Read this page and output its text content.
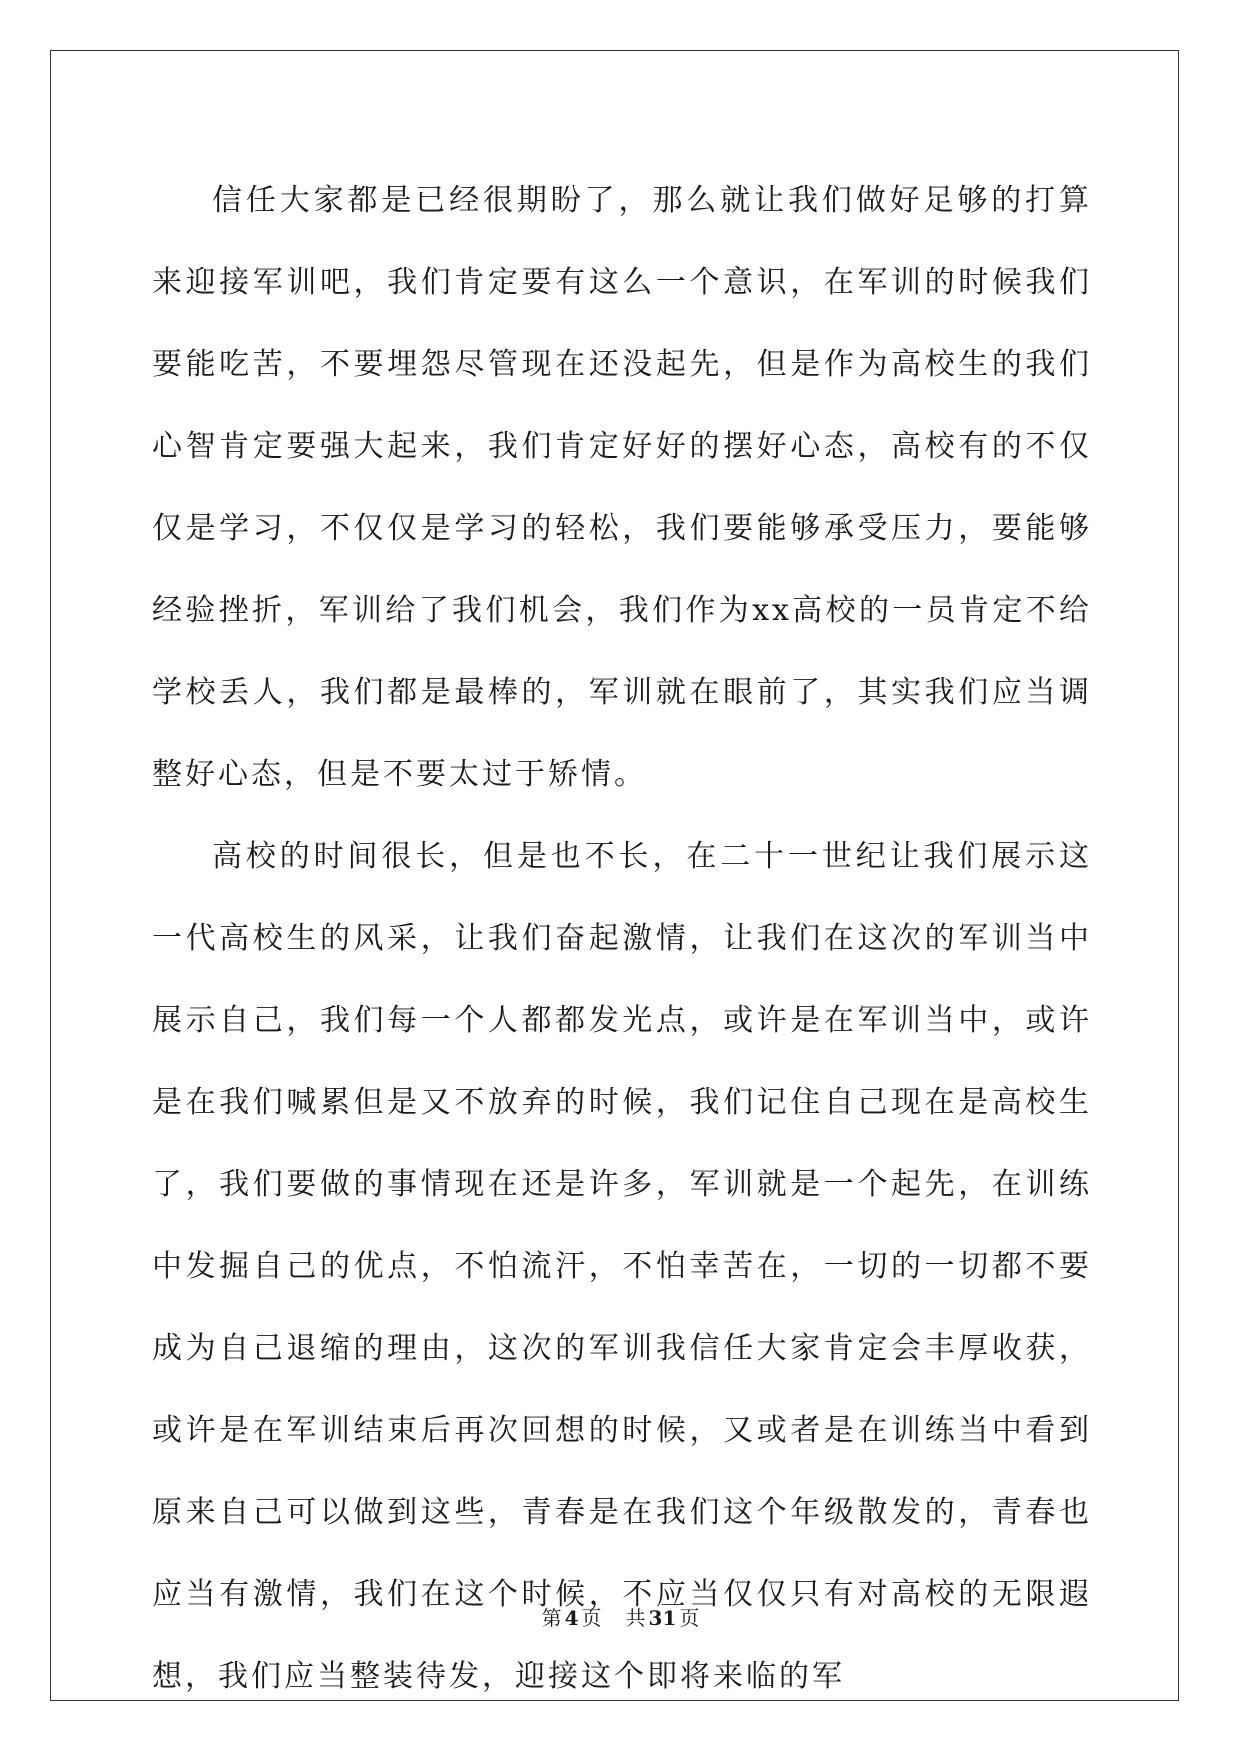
信任大家都是已经很期盼了，那么就让我们做好足够的打算来迎接军训吧，我们肯定要有这么一个意识，在军训的时候我们要能吃苦，不要埋怨尽管现在还没起先，但是作为高校生的我们心智肯定要强大起来，我们肯定好好的摆好心态，高校有的不仅仅是学习，不仅仅是学习的轻松，我们要能够承受压力，要能够经验挫折，军训给了我们机会，我们作为xx高校的一员肯定不给学校丢人，我们都是最棒的，军训就在眼前了，其实我们应当调整好心态，但是不要太过于矫情。

高校的时间很长，但是也不长，在二十一世纪让我们展示这一代高校生的风采，让我们奋起激情，让我们在这次的军训当中展示自己，我们每一个人都都发光点，或许是在军训当中，或许是在我们喊累但是又不放弃的时候，我们记住自己现在是高校生了，我们要做的事情现在还是许多，军训就是一个起先，在训练中发掘自己的优点，不怕流汗，不怕幸苦在，一切的一切都不要成为自己退缩的理由，这次的军训我信任大家肯定会丰厚收获，或许是在军训结束后再次回想的时候，又或者是在训练当中看到原来自己可以做到这些，青春是在我们这个年级散发的，青春也应当有激情，我们在这个时候，不应当仅仅只有对高校的无限遐想，我们应当整装待发，迎接这个即将来临的军

第 4 页 共 31 页
